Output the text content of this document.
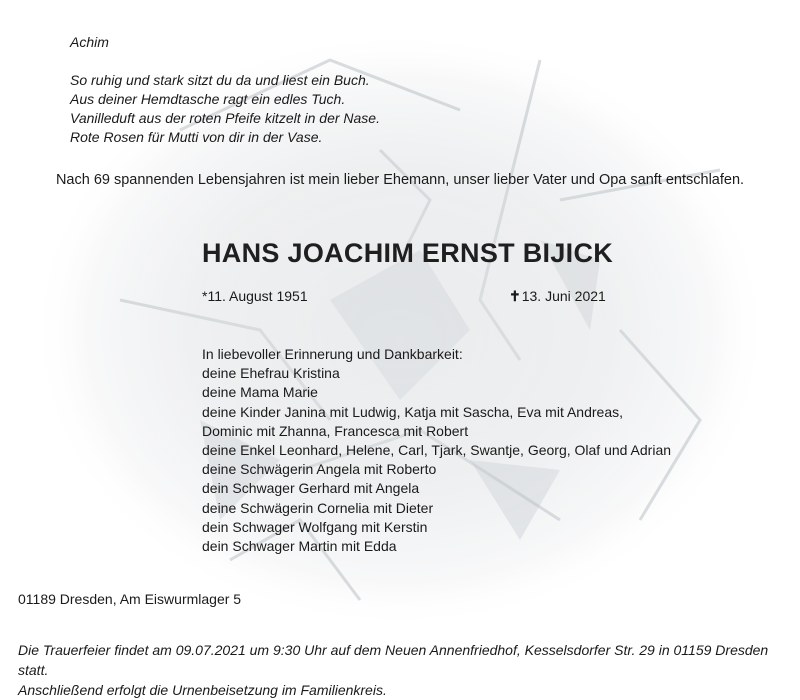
Achim
So ruhig und stark sitzt du da und liest ein Buch.
Aus deiner Hemdtasche ragt ein edles Tuch.
Vanilleduft aus der roten Pfeife kitzelt in der Nase.
Rote Rosen für Mutti von dir in der Vase.
Nach 69 spannenden Lebensjahren ist mein lieber Ehemann, unser lieber Vater und Opa sanft entschlafen.
HANS JOACHIM ERNST BIJICK
*11. August 1951	✝13. Juni 2021
In liebevoller Erinnerung und Dankbarkeit:
deine Ehefrau Kristina
deine Mama Marie
deine Kinder Janina mit Ludwig, Katja mit Sascha, Eva mit Andreas,
Dominic mit Zhanna, Francesca mit Robert
deine Enkel Leonhard, Helene, Carl, Tjark, Swantje, Georg, Olaf und Adrian
deine Schwägerin Angela mit Roberto
dein Schwager Gerhard mit Angela
deine Schwägerin Cornelia mit Dieter
dein Schwager Wolfgang mit Kerstin
dein Schwager Martin mit Edda
01189 Dresden, Am Eiswurmlager 5
Die Trauerfeier findet am 09.07.2021 um 9:30 Uhr auf dem Neuen Annenfriedhof, Kesselsdorfer Str. 29 in 01159 Dresden statt.
Anschließend erfolgt die Urnenbeisetzung im Familienkreis.
